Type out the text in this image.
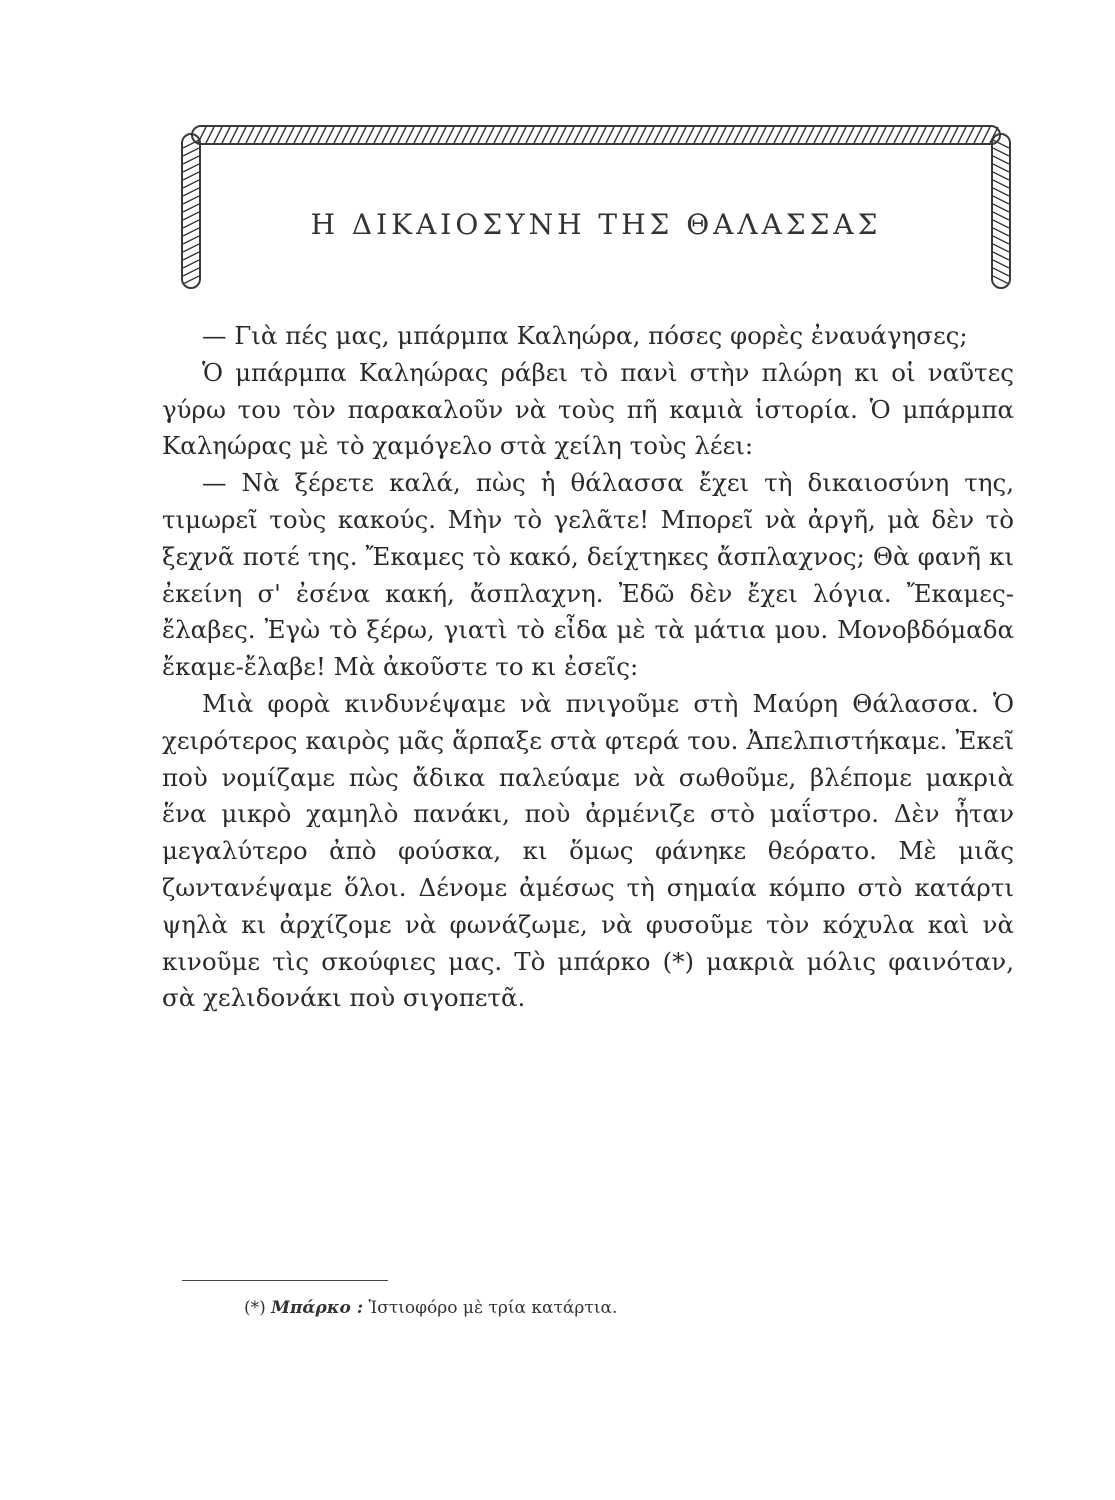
Η ΔΙΚΑΙΟΣΥΝΗ ΤΗΣ ΘΑΛΑΣΣΑΣ

— Γιὰ πές μας, μπάρμπα Καληώρα, πόσες φορὲς ἐναυάγησες;

Ὁ μπάρμπα Καληώρας ράβει τὸ πανὶ στὴν πλώρη κι οἱ ναῦτες γύρω του τὸν παρακαλοῦν νὰ τοὺς πῆ καμιὰ ἱστορία. Ὁ μπάρμπα Καληώρας μὲ τὸ χαμόγελο στὰ χείλη τοὺς λέει:

— Νὰ ξέρετε καλά, πὼς ἡ θάλασσα ἔχει τὴ δικαιοσύνη της, τιμωρεῖ τοὺς κακούς. Μὴν τὸ γελᾶτε! Μπορεῖ νὰ ἀργῆ, μὰ δὲν τὸ ξεχνᾶ ποτέ της. Ἔκαμες τὸ κακό, δείχτηκες ἄσπλαχνος; Θὰ φανῆ κι ἐκείνη σ' ἐσένα κακή, ἄσπλαχνη. Ἐδῶ δὲν ἔχει λόγια. Ἔκαμες-ἔλαβες. Ἐγὼ τὸ ξέρω, γιατὶ τὸ εἶδα μὲ τὰ μάτια μου. Μονοβδόμαδα ἔκαμε-ἔλαβε! Μὰ ἀκοῦστε το κι ἐσεῖς:

Μιὰ φορὰ κινδυνέψαμε νὰ πνιγοῦμε στὴ Μαύρη Θάλασσα. Ὁ χειρότερος καιρὸς μᾶς ἅρπαξε στὰ φτερά του. Ἀπελπιστήκαμε. Ἐκεῖ ποὺ νομίζαμε πὼς ἄδικα παλεύαμε νὰ σωθοῦμε, βλέπομε μακριὰ ἕνα μικρὸ χαμηλὸ πανάκι, ποὺ ἀρμένιζε στὸ μαΐστρο. Δὲν ἦταν μεγαλύτερο ἀπὸ φούσκα, κι ὅμως φάνηκε θεόρατο. Μὲ μιᾶς ζωντανέψαμε ὅλοι. Δένομε ἀμέσως τὴ σημαία κόμπο στὸ κατάρτι ψηλὰ κι ἀρχίζομε νὰ φωνάζωμε, νὰ φυσοῦμε τὸν κόχυλα καὶ νὰ κινοῦμε τὶς σκούφιες μας. Τὸ μπάρκο (*) μακριὰ μόλις φαινόταν, σὰ χελιδονάκι ποὺ σιγοπετᾶ.

(*) Μπάρκο : Ἱστιοφόρο μὲ τρία κατάρτια.
